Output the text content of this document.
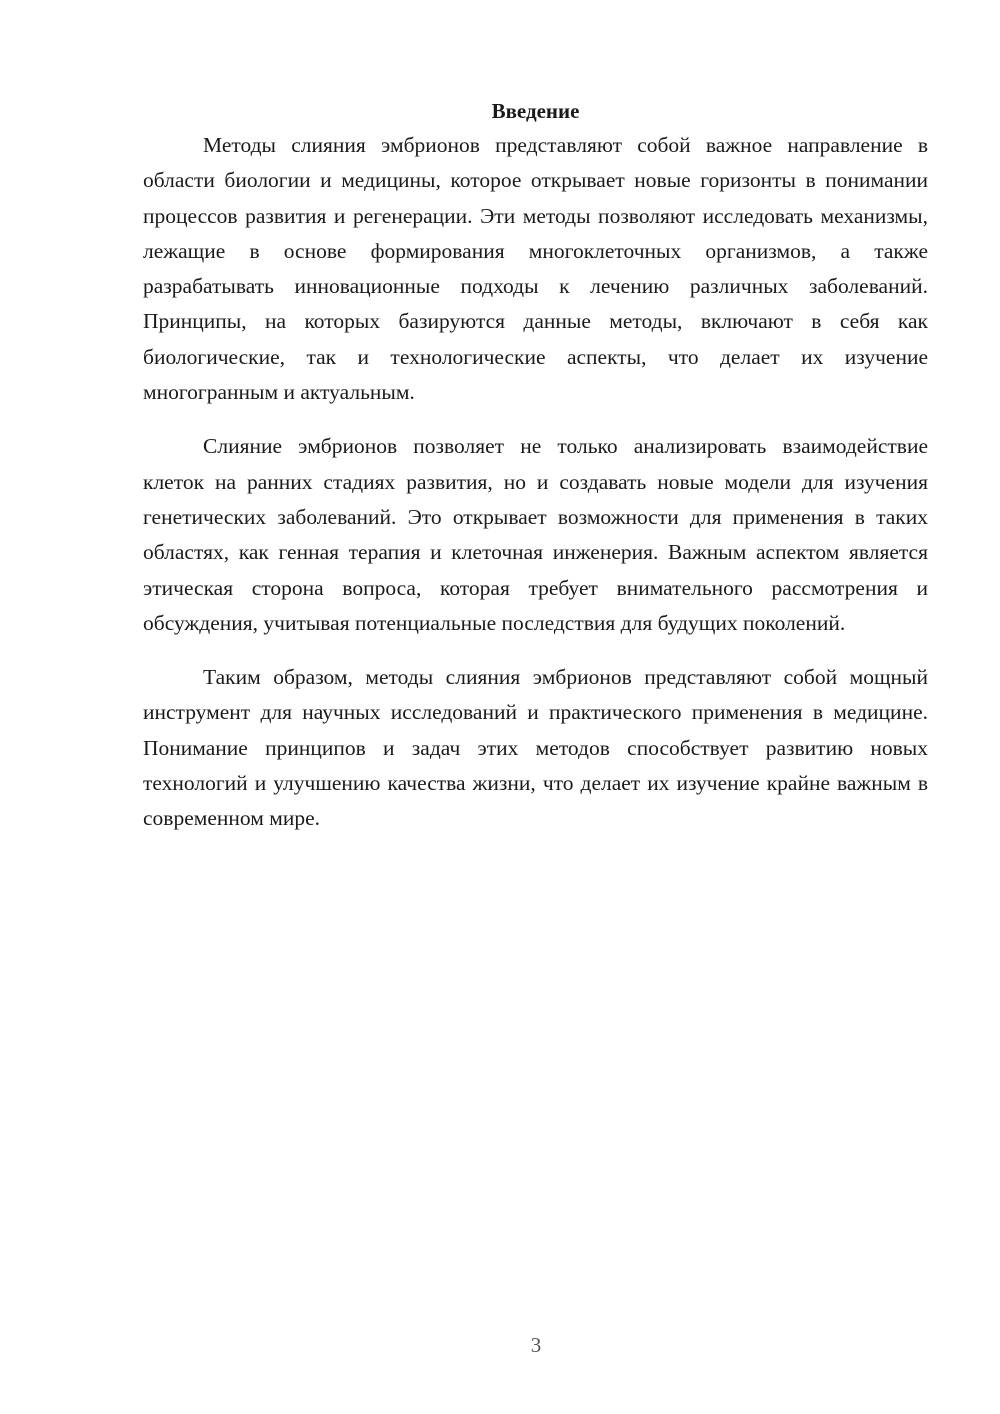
Введение

Методы слияния эмбрионов представляют собой важное направление в области биологии и медицины, которое открывает новые горизонты в понимании процессов развития и регенерации. Эти методы позволяют исследовать механизмы, лежащие в основе формирования многоклеточных организмов, а также разрабатывать инновационные подходы к лечению различных заболеваний. Принципы, на которых базируются данные методы, включают в себя как биологические, так и технологические аспекты, что делает их изучение многогранным и актуальным.

Слияние эмбрионов позволяет не только анализировать взаимодействие клеток на ранних стадиях развития, но и создавать новые модели для изучения генетических заболеваний. Это открывает возможности для применения в таких областях, как генная терапия и клеточная инженерия. Важным аспектом является этическая сторона вопроса, которая требует внимательного рассмотрения и обсуждения, учитывая потенциальные последствия для будущих поколений.

Таким образом, методы слияния эмбрионов представляют собой мощный инструмент для научных исследований и практического применения в медицине. Понимание принципов и задач этих методов способствует развитию новых технологий и улучшению качества жизни, что делает их изучение крайне важным в современном мире.

3
